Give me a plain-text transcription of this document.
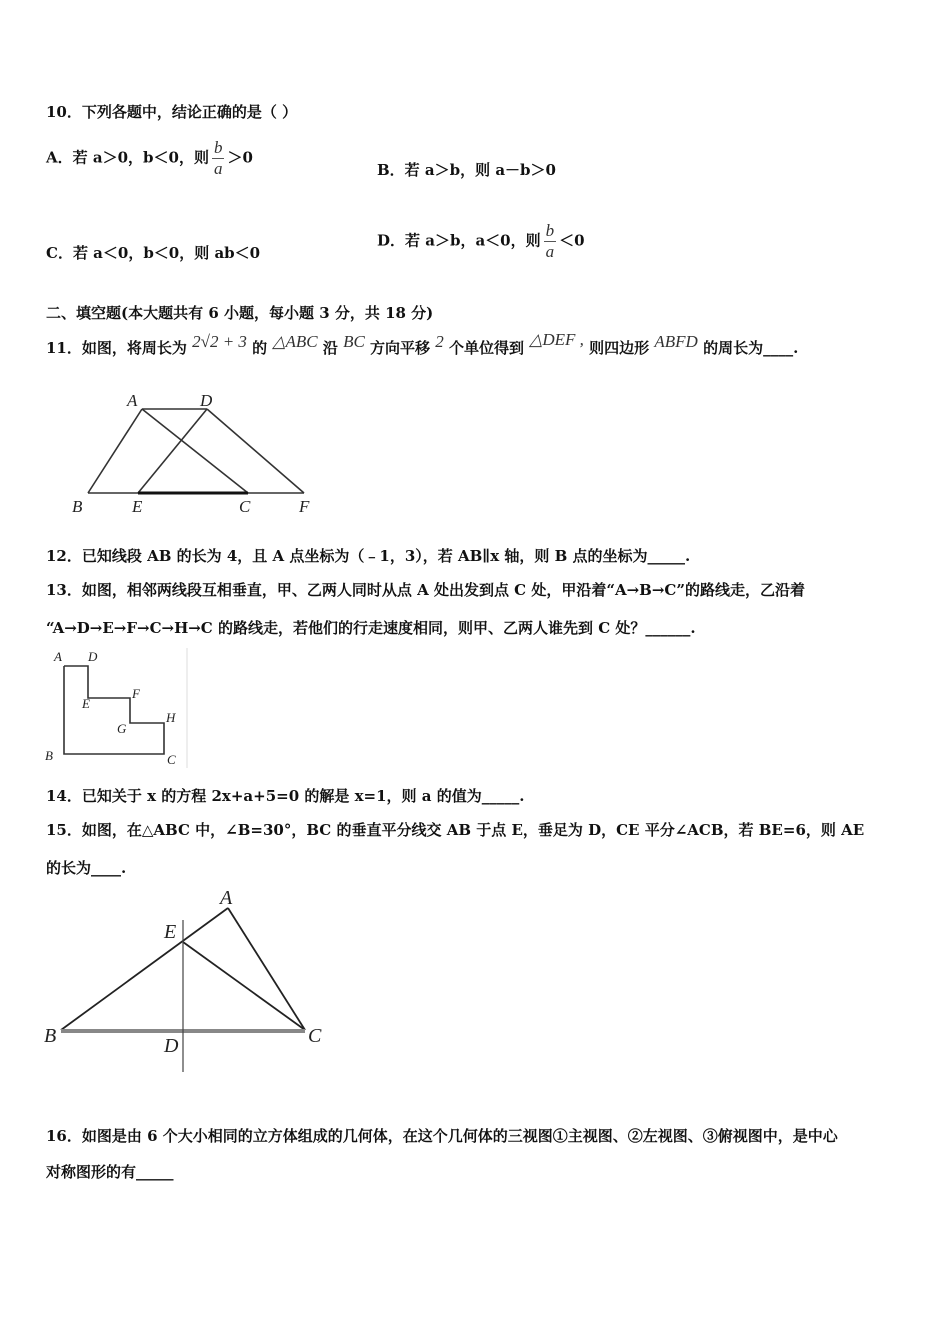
10．下列各题中，结论正确的是（ ）
A．若 a＞0，b＜0，则 $\frac{b}{a} >0$
B．若 a＞b，则 a－b＞0
C．若 a＜0，b＜0，则 ab＜0
D．若 a＞b，a＜0，则 $\frac{b}{a} <0$
二、填空题(本大题共有 6 小题，每小题 3 分，共 18 分)
11．如图，将周长为 2√2 + 3 的 △ABC 沿 BC 方向平移 2 个单位得到 △DEF , 则四边形 ABFD 的周长为____.
A	D
B	E	C	F
12．已知线段 AB 的长为 4，且 A 点坐标为（﹣1，3），若 AB∥x 轴，则 B 点的坐标为_____.
13．如图，相邻两线段互相垂直，甲、乙两人同时从点 A 处出发到点 C 处，甲沿着“A→B→C”的路线走，乙沿着
“A→D→E→F→C→H→C 的路线走，若他们的行走速度相同，则甲、乙两人谁先到 C 处？______.
A D
E
F
G
H
B	C
14．已知关于 x 的方程 2x+a+5=0 的解是 x=1，则 a 的值为_____.
15．如图，在△ABC 中，∠B=30°，BC 的垂直平分线交 AB 于点 E，垂足为 D，CE 平分∠ACB，若 BE=6，则 AE
的长为____.
A
E
B	D	C
16．如图是由 6 个大小相同的立方体组成的几何体，在这个几何体的三视图①主视图、②左视图、③俯视图中，是中心
对称图形的有_____
